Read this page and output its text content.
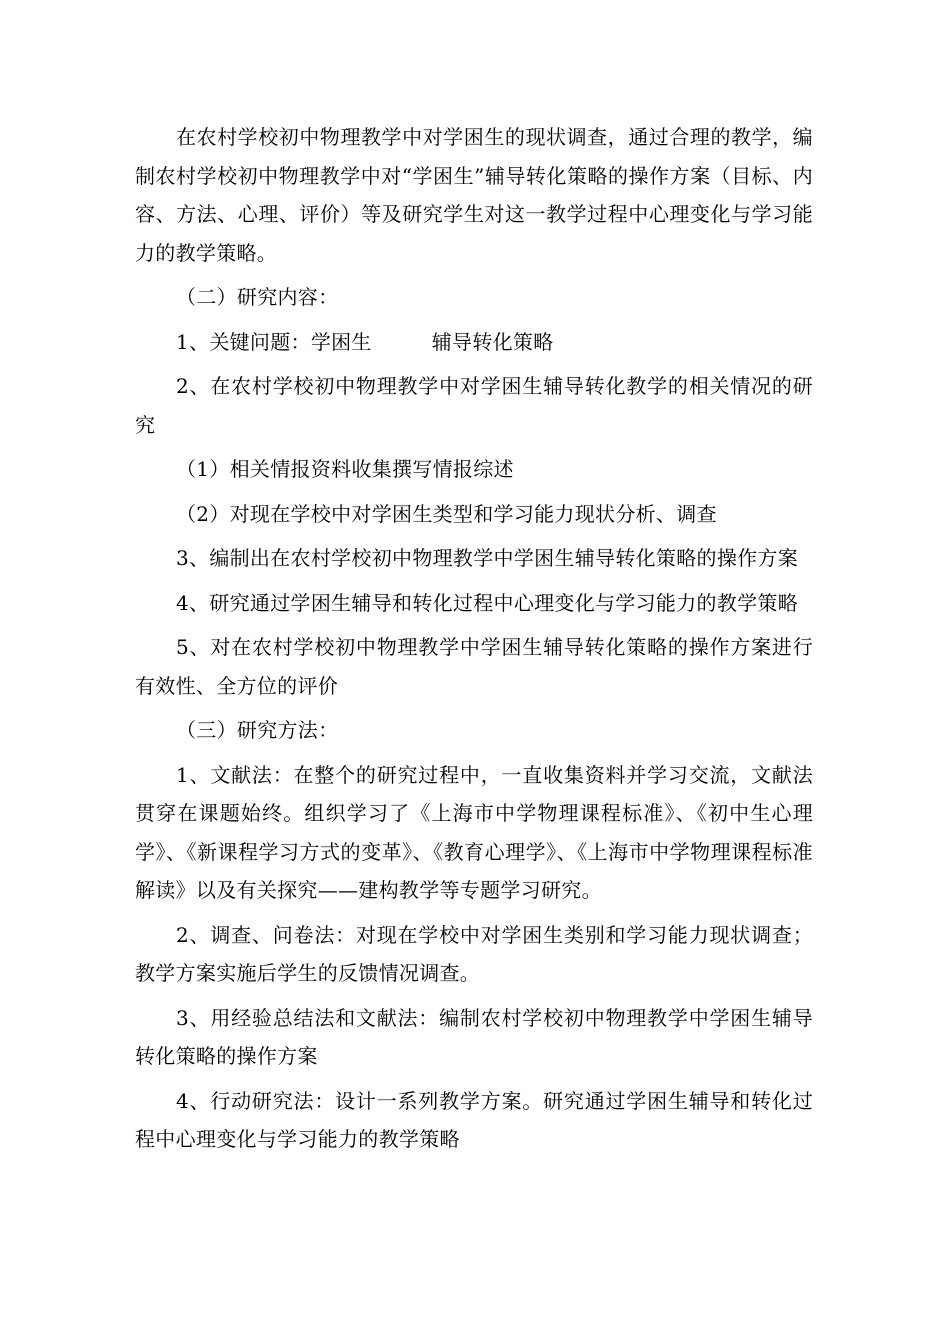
在农村学校初中物理教学中对学困生的现状调查，通过合理的教学，编制农村学校初中物理教学中对“学困生”辅导转化策略的操作方案（目标、内容、方法、心理、评价）等及研究学生对这一教学过程中心理变化与学习能力的教学策略。

（二）研究内容：

1、关键问题：学困生	辅导转化策略

2、在农村学校初中物理教学中对学困生辅导转化教学的相关情况的研究

（1）相关情报资料收集撰写情报综述

（2）对现在学校中对学困生类型和学习能力现状分析、调查

3、编制出在农村学校初中物理教学中学困生辅导转化策略的操作方案

4、研究通过学困生辅导和转化过程中心理变化与学习能力的教学策略

5、对在农村学校初中物理教学中学困生辅导转化策略的操作方案进行有效性、全方位的评价

（三）研究方法：

1、文献法：在整个的研究过程中，一直收集资料并学习交流，文献法贯穿在课题始终。组织学习了《上海市中学物理课程标准》、《初中生心理学》、《新课程学习方式的变革》、《教育心理学》、《上海市中学物理课程标准解读》以及有关探究——建构教学等专题学习研究。

2、调查、问卷法：对现在学校中对学困生类别和学习能力现状调查；教学方案实施后学生的反馈情况调查。

3、用经验总结法和文献法：编制农村学校初中物理教学中学困生辅导转化策略的操作方案

4、行动研究法：设计一系列教学方案。研究通过学困生辅导和转化过程中心理变化与学习能力的教学策略
